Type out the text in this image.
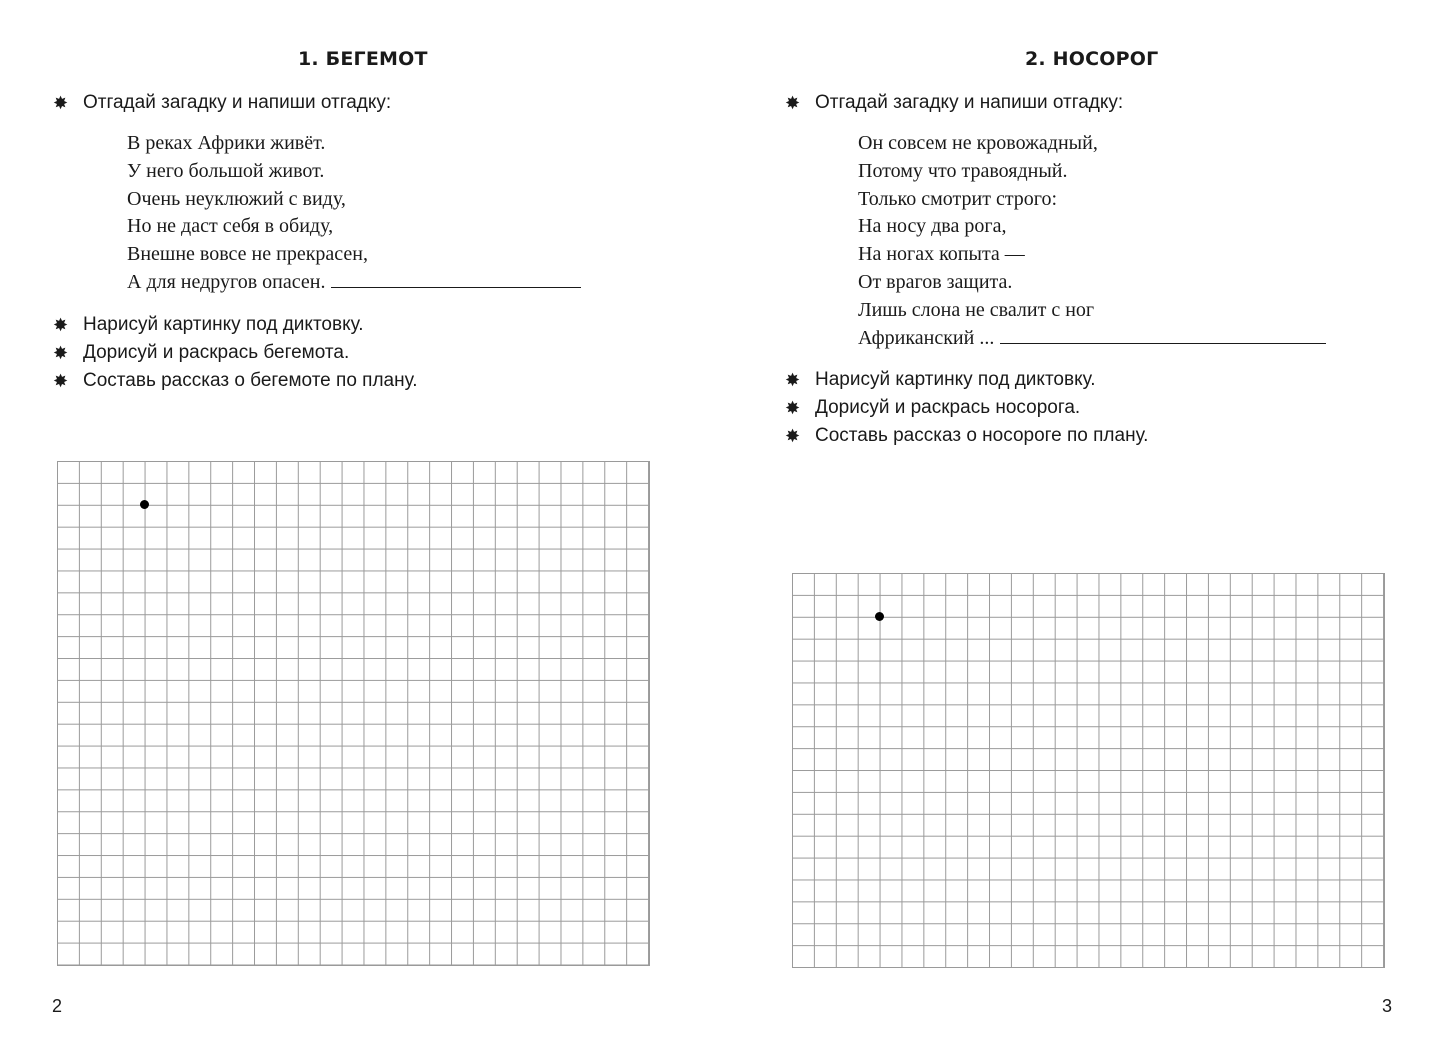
1. БЕГЕМОТ

✸ Отгадай загадку и напиши отгадку:

В реках Африки живёт.
У него большой живот.
Очень неуклюжий с виду,
Но не даст себя в обиду,
Внешне вовсе не прекрасен,
А для недругов опасен.

✸ Нарисуй картинку под диктовку.

✸ Дорисуй и раскрась бегемота.

✸ Составь рассказ о бегемоте по плану.

2
2. НОСОРОГ

✸ Отгадай загадку и напиши отгадку:

Он совсем не кровожадный,
Потому что травоядный.
Только смотрит строго:
На носу два рога,
На ногах копыта —
От врагов защита.
Лишь слона не свалит с ног
Африканский ...

✸ Нарисуй картинку под диктовку.

✸ Дорисуй и раскрась носорога.

✸ Составь рассказ о носороге по плану.

3
